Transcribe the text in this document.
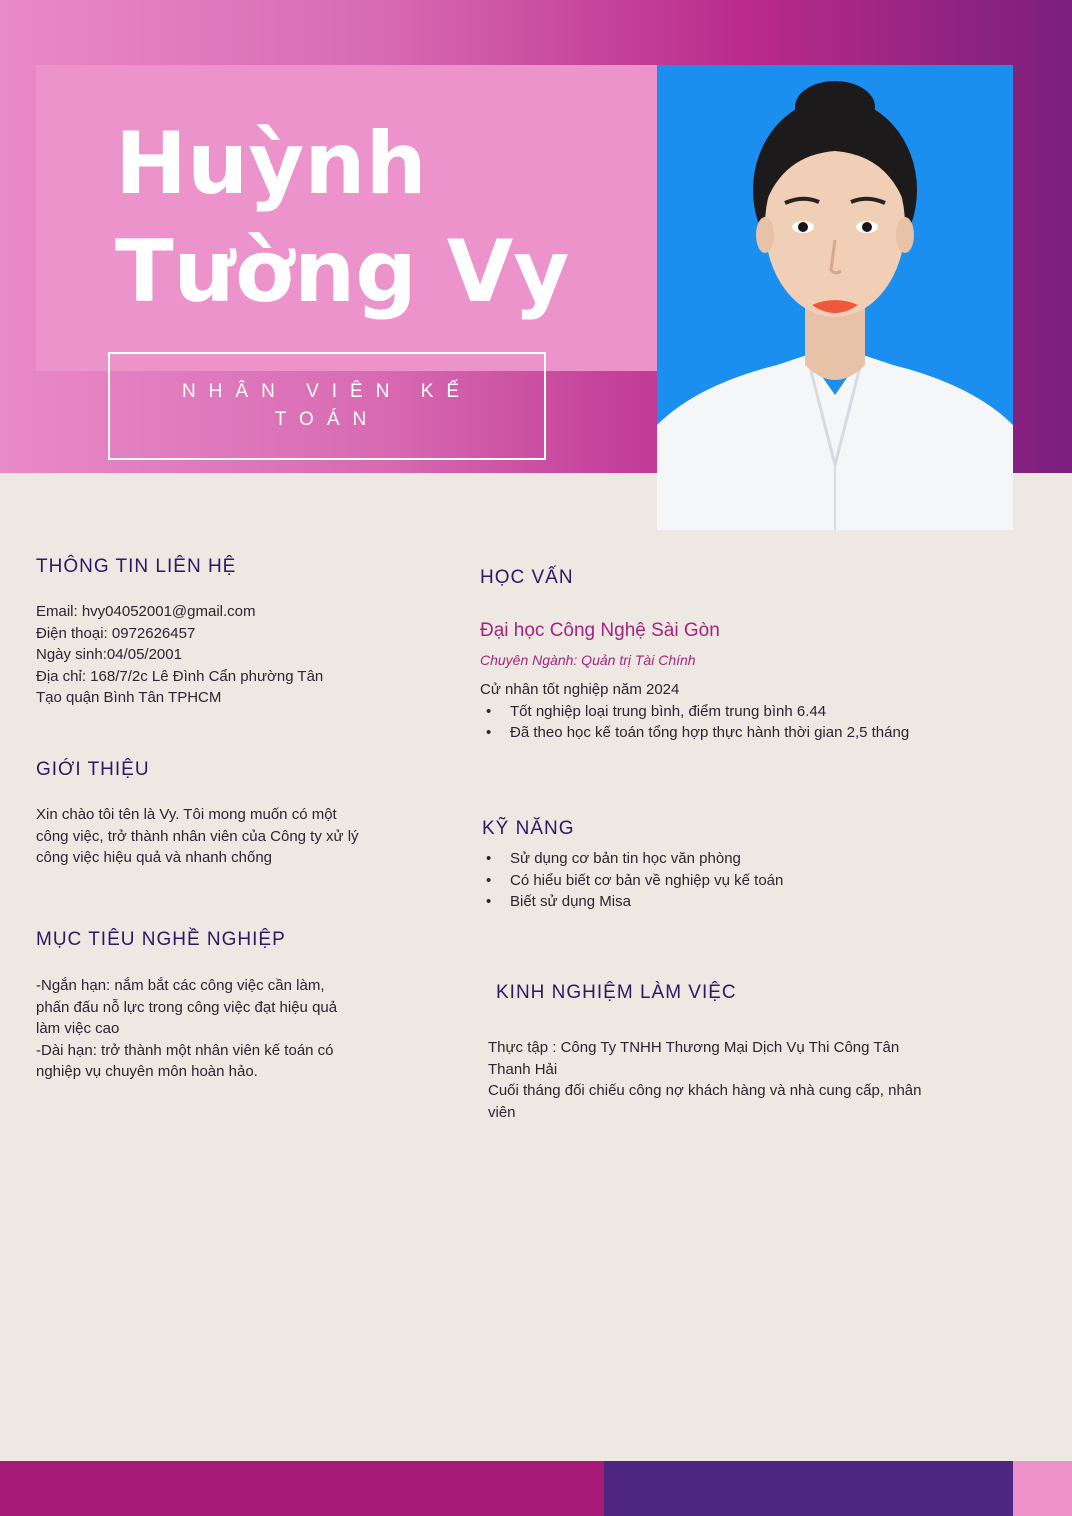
Huỳnh
Tường Vy
NHÂN VIÊN KẾ TOÁN
THÔNG TIN LIÊN HỆ
Email: hvy04052001@gmail.com
Điện thoại: 0972626457
Ngày sinh:04/05/2001
Địa chỉ: 168/7/2c Lê Đình Cẩn phường Tân
Tạo quận Bình Tân TPHCM
GIỚI THIỆU
Xin chào tôi tên là Vy. Tôi mong muốn có một
công việc, trở thành nhân viên của Công ty xử lý
công việc hiệu quả và nhanh chống
MỤC TIÊU NGHỀ NGHIỆP
-Ngắn hạn: nắm bắt các công việc cần làm,
phấn đấu nỗ lực trong công việc đạt hiệu quả
làm việc cao
-Dài hạn: trở thành một nhân viên kế toán có
nghiệp vụ chuyên môn hoàn hảo.
HỌC VẤN
Đại học Công Nghệ Sài Gòn
Chuyên Ngành: Quản trị Tài Chính
Cử nhân tốt nghiệp năm 2024
• Tốt nghiệp loại trung bình, điểm trung bình 6.44
• Đã theo học kế toán tổng hợp thực hành thời gian 2,5 tháng
KỸ NĂNG
• Sử dụng cơ bản tin học văn phòng
• Có hiểu biết cơ bản về nghiệp vụ kế toán
• Biết sử dụng Misa
KINH NGHIỆM LÀM VIỆC
Thực tập : Công Ty TNHH Thương Mại Dịch Vụ Thi Công Tân
Thanh Hải
Cuối tháng đối chiếu công nợ khách hàng và nhà cung cấp, nhân
viên
